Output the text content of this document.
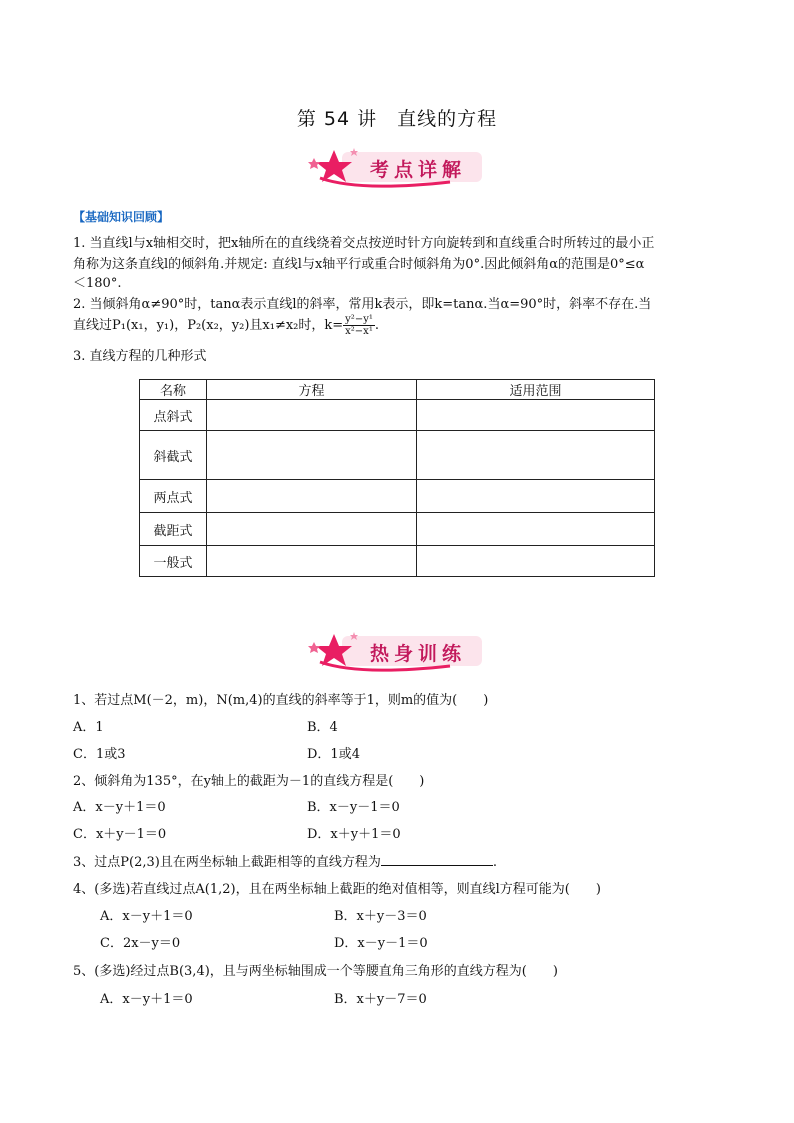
第 54 讲　直线的方程
考点详解
【基础知识回顾】
1. 当直线l与x轴相交时，把x轴所在的直线绕着交点按逆时针方向旋转到和直线重合时所转过的最小正
角称为这条直线l的倾斜角.并规定: 直线l与x轴平行或重合时倾斜角为0°.因此倾斜角α的范围是0°≤α
＜180°.
2. 当倾斜角α≠90°时，tanα表示直线l的斜率，常用k表示，即k=tanα.当α=90°时，斜率不存在.当
直线过P₁(x₁，y₁)，P₂(x₂，y₂)且x₁≠x₂时，$k= \frac{\text{y²−y¹}}{\text{x²−x¹}}$ .
3. 直线方程的几种形式
名称	方程	适用范围
点斜式		
斜截式		
两点式		
截距式		
一般式		
热身训练
1、若过点M(－2，m)，N(m,4)的直线的斜率等于1，则m的值为(　　)
A．1	B．4
C．1或3	D．1或4
2、倾斜角为135°，在y轴上的截距为－1的直线方程是(　　)
A．x－y＋1＝0	B．x－y－1＝0
C．x＋y－1＝0	D．x＋y＋1＝0
3、过点P(2,3)且在两坐标轴上截距相等的直线方程为	.
4、(多选)若直线过点A(1,2)，且在两坐标轴上截距的绝对值相等，则直线l方程可能为(　　)
A．x－y＋1＝0	B．x＋y－3＝0
C．2x－y＝0	D．x－y－1＝0
5、(多选)经过点B(3,4)，且与两坐标轴围成一个等腰直角三角形的直线方程为(　　)
A．x－y＋1＝0	B．x＋y－7＝0
